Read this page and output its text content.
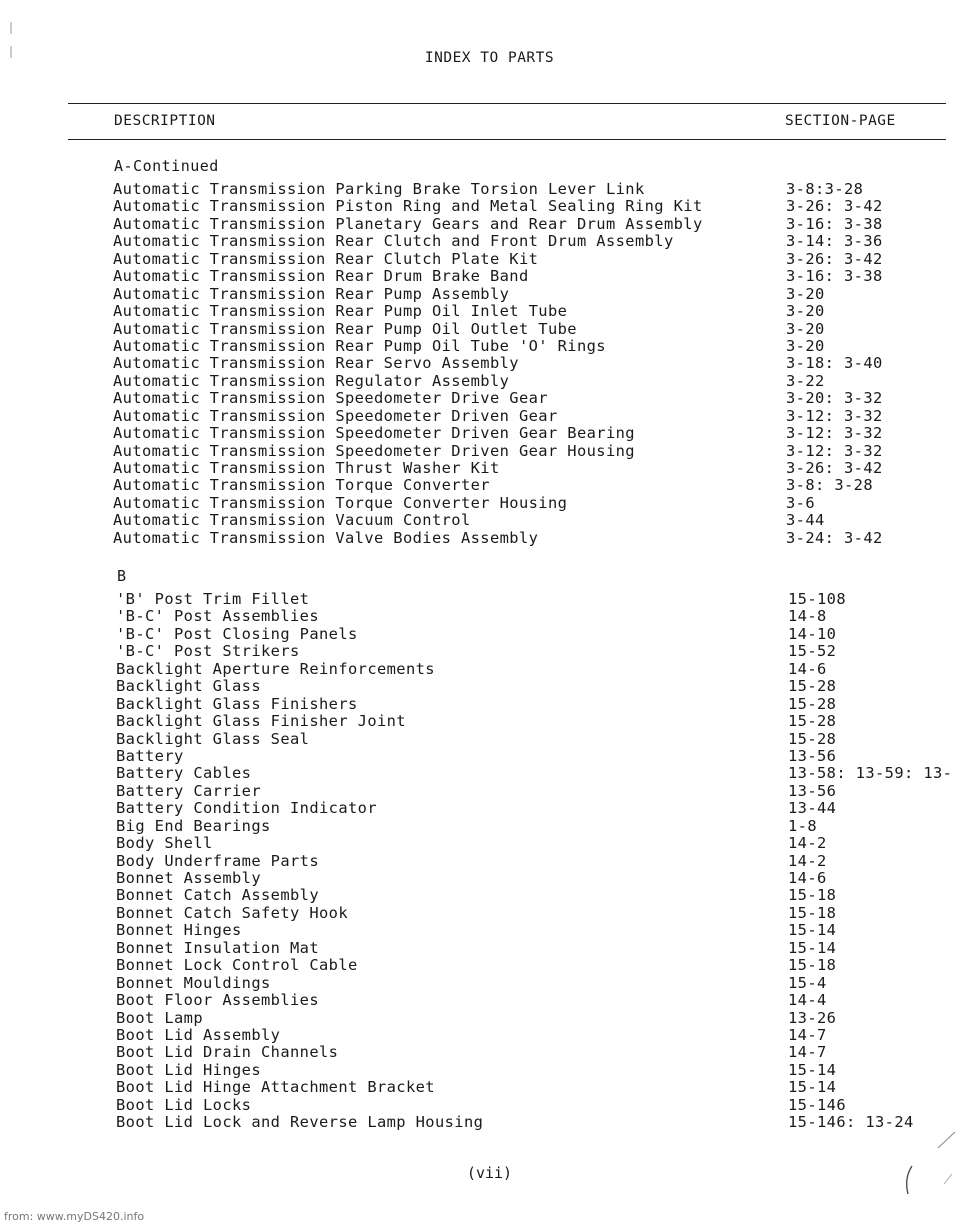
INDEX TO PARTS
DESCRIPTION	SECTION-PAGE
A-Continued
Automatic Transmission Parking Brake Torsion Lever Link	3-8:3-28
Automatic Transmission Piston Ring and Metal Sealing Ring Kit	3-26: 3-42
Automatic Transmission Planetary Gears and Rear Drum Assembly	3-16: 3-38
Automatic Transmission Rear Clutch and Front Drum Assembly	3-14: 3-36
Automatic Transmission Rear Clutch Plate Kit	3-26: 3-42
Automatic Transmission Rear Drum Brake Band	3-16: 3-38
Automatic Transmission Rear Pump Assembly	3-20
Automatic Transmission Rear Pump Oil Inlet Tube	3-20
Automatic Transmission Rear Pump Oil Outlet Tube	3-20
Automatic Transmission Rear Pump Oil Tube 'O' Rings	3-20
Automatic Transmission Rear Servo Assembly	3-18: 3-40
Automatic Transmission Regulator Assembly	3-22
Automatic Transmission Speedometer Drive Gear	3-20: 3-32
Automatic Transmission Speedometer Driven Gear	3-12: 3-32
Automatic Transmission Speedometer Driven Gear Bearing	3-12: 3-32
Automatic Transmission Speedometer Driven Gear Housing	3-12: 3-32
Automatic Transmission Thrust Washer Kit	3-26: 3-42
Automatic Transmission Torque Converter	3-8: 3-28
Automatic Transmission Torque Converter Housing	3-6
Automatic Transmission Vacuum Control	3-44
Automatic Transmission Valve Bodies Assembly	3-24: 3-42
B
'B' Post Trim Fillet	15-108
'B-C' Post Assemblies	14-8
'B-C' Post Closing Panels	14-10
'B-C' Post Strikers	15-52
Backlight Aperture Reinforcements	14-6
Backlight Glass	15-28
Backlight Glass Finishers	15-28
Backlight Glass Finisher Joint	15-28
Backlight Glass Seal	15-28
Battery	13-56
Battery Cables	13-58: 13-59: 13-
Battery Carrier	13-56
Battery Condition Indicator	13-44
Big End Bearings	1-8
Body Shell	14-2
Body Underframe Parts	14-2
Bonnet Assembly	14-6
Bonnet Catch Assembly	15-18
Bonnet Catch Safety Hook	15-18
Bonnet Hinges	15-14
Bonnet Insulation Mat	15-14
Bonnet Lock Control Cable	15-18
Bonnet Mouldings	15-4
Boot Floor Assemblies	14-4
Boot Lamp	13-26
Boot Lid Assembly	14-7
Boot Lid Drain Channels	14-7
Boot Lid Hinges	15-14
Boot Lid Hinge Attachment Bracket	15-14
Boot Lid Locks	15-146
Boot Lid Lock and Reverse Lamp Housing	15-146: 13-24
(vii)
from: www.myDS420.info
